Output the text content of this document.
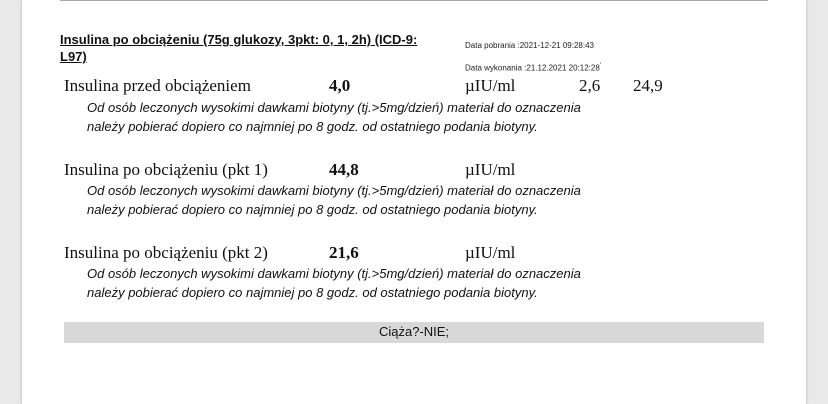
Insulina po obciążeniu (75g glukozy, 3pkt: 0, 1, 2h) (ICD-9: L97)
Data pobrania :2021-12-21 09:28:43
Data wykonania :21.12.2021 20:12:28'
Insulina przed obciążeniem	4,0	µIU/ml	2,6 24,9
Od osób leczonych wysokimi dawkami biotyny (tj.>5mg/dzień) materiał do oznaczenia należy pobierać dopiero co najmniej po 8 godz. od ostatniego podania biotyny.
Insulina po obciążeniu (pkt 1)	44,8	µIU/ml
Od osób leczonych wysokimi dawkami biotyny (tj.>5mg/dzień) materiał do oznaczenia należy pobierać dopiero co najmniej po 8 godz. od ostatniego podania biotyny.
Insulina po obciążeniu (pkt 2)	21,6	µIU/ml
Od osób leczonych wysokimi dawkami biotyny (tj.>5mg/dzień) materiał do oznaczenia należy pobierać dopiero co najmniej po 8 godz. od ostatniego podania biotyny.
Ciąża?-NIE;
